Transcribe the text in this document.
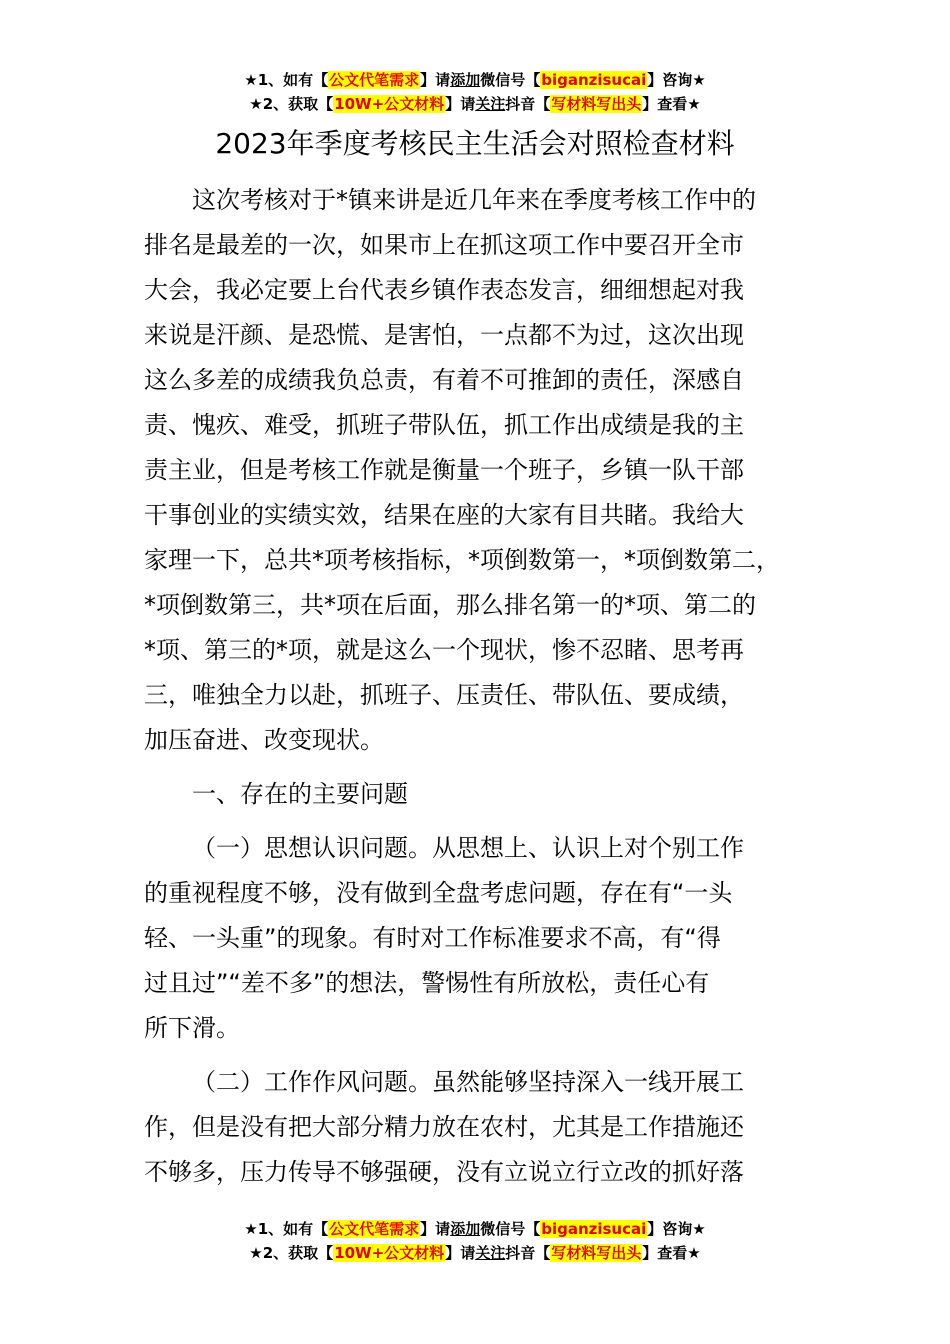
★1、如有【公文代笔需求】请添加微信号【biganzisucai】咨询★
★2、获取【10W+公文材料】请关注抖音【写材料写出头】查看★
2023年季度考核民主生活会对照检查材料
这次考核对于*镇来讲是近几年来在季度考核工作中的
排名是最差的一次，如果市上在抓这项工作中要召开全市
大会，我必定要上台代表乡镇作表态发言，细细想起对我
来说是汗颜、是恐慌、是害怕，一点都不为过，这次出现
这么多差的成绩我负总责，有着不可推卸的责任，深感自
责、愧疚、难受，抓班子带队伍，抓工作出成绩是我的主
责主业，但是考核工作就是衡量一个班子，乡镇一队干部
干事创业的实绩实效，结果在座的大家有目共睹。我给大
家理一下，总共*项考核指标，*项倒数第一，*项倒数第二，
*项倒数第三，共*项在后面，那么排名第一的*项、第二的
*项、第三的*项，就是这么一个现状，惨不忍睹、思考再
三，唯独全力以赴，抓班子、压责任、带队伍、要成绩，
加压奋进、改变现状。
一、存在的主要问题
（一）思想认识问题。从思想上、认识上对个别工作
的重视程度不够，没有做到全盘考虑问题，存在有“一头
轻、一头重”的现象。有时对工作标准要求不高，有“得
过且过”“差不多”的想法，警惕性有所放松，责任心有
所下滑。
（二）工作作风问题。虽然能够坚持深入一线开展工
作，但是没有把大部分精力放在农村，尤其是工作措施还
不够多，压力传导不够强硬，没有立说立行立改的抓好落
★1、如有【公文代笔需求】请添加微信号【biganzisucai】咨询★
★2、获取【10W+公文材料】请关注抖音【写材料写出头】查看★
